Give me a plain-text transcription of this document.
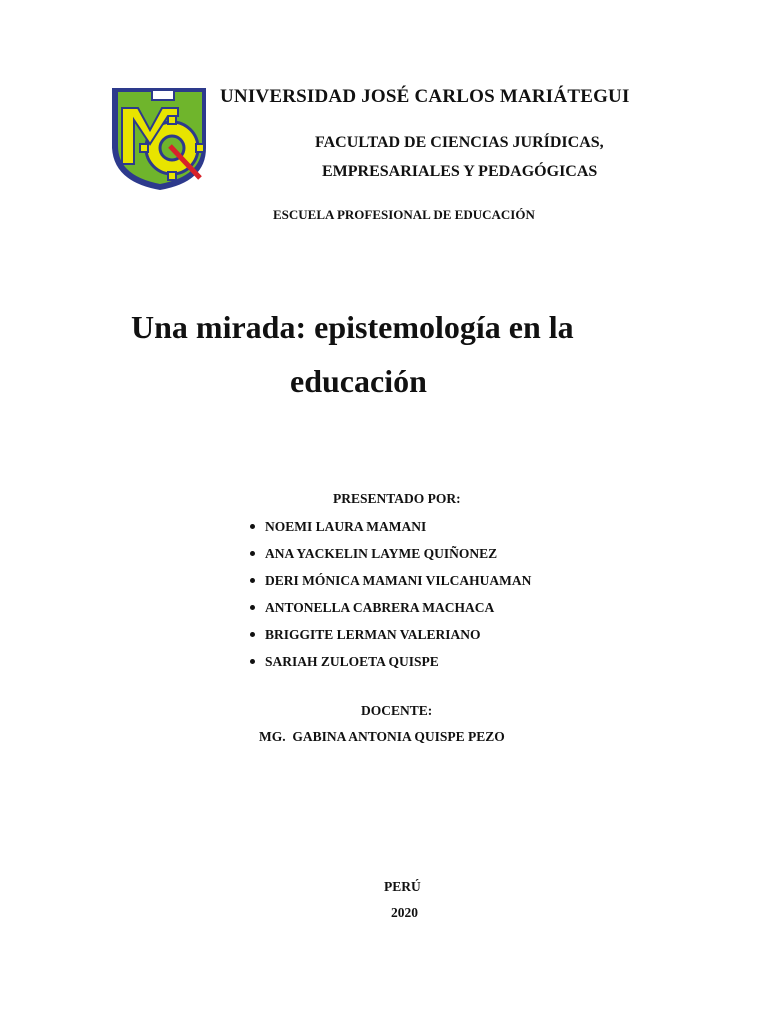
UNIVERSIDAD JOSÉ CARLOS MARIÁTEGUI
FACULTAD DE CIENCIAS JURÍDICAS,
EMPRESARIALES Y PEDAGÓGICAS
ESCUELA PROFESIONAL DE EDUCACIÓN
Una mirada: epistemología en la
educación
PRESENTADO POR:
NOEMI LAURA MAMANI
ANA YACKELIN LAYME QUIÑONEZ
DERI MÓNICA MAMANI VILCAHUAMAN
ANTONELLA CABRERA MACHACA
BRIGGITE LERMAN VALERIANO
SARIAH ZULOETA QUISPE
DOCENTE:
MG.  GABINA ANTONIA QUISPE PEZO
PERÚ
2020
